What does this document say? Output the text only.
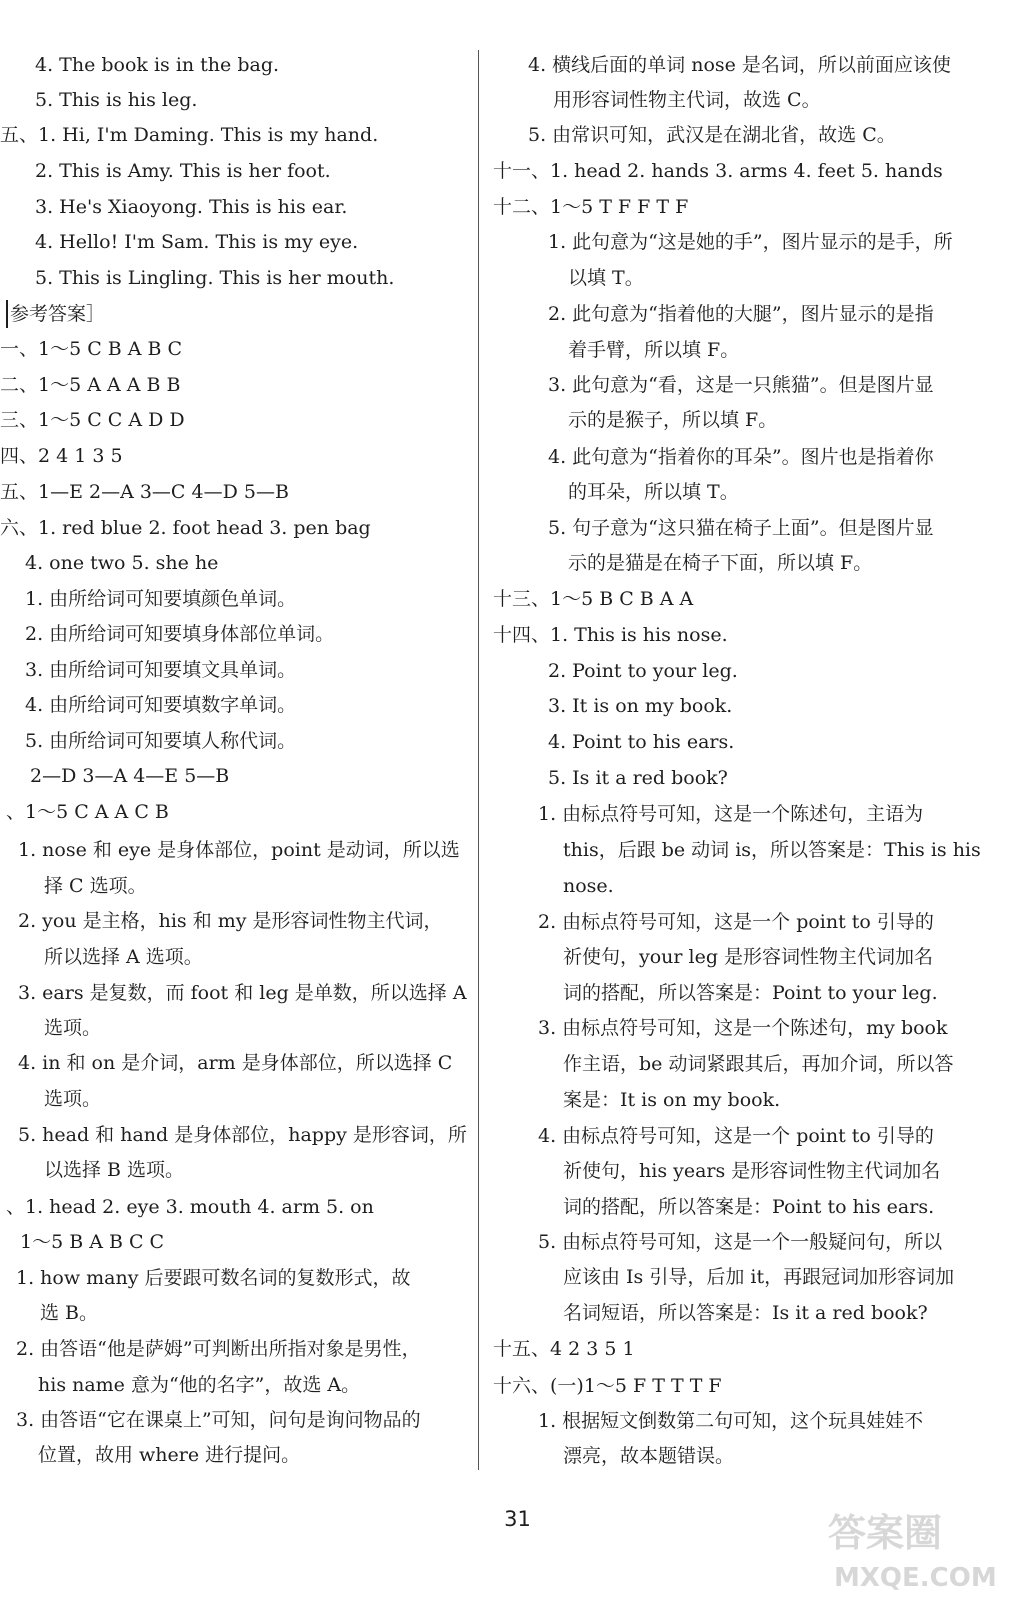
4. The book is in the bag.
5. This is his leg.
五、1. Hi, I'm Daming. This is my hand.
2. This is Amy. This is her foot.
3. He's Xiaoyong. This is his ear.
4. Hello! I'm Sam. This is my eye.
5. This is Lingling. This is her mouth.
参考答案］
一、1～5 C B A B C
二、1～5 A A A B B
三、1～5 C C A D D
四、2 4 1 3 5
五、1—E 2—A 3—C 4—D 5—B
六、1. red blue 2. foot head 3. pen bag
4. one two 5. she he
1. 由所给词可知要填颜色单词。
2. 由所给词可知要填身体部位单词。
3. 由所给词可知要填文具单词。
4. 由所给词可知要填数字单词。
5. 由所给词可知要填人称代词。
2—D 3—A 4—E 5—B
、1～5 C A A C B
1. nose 和 eye 是身体部位，point 是动词，所以选
择 C 选项。
2. you 是主格，his 和 my 是形容词性物主代词，
所以选择 A 选项。
3. ears 是复数，而 foot 和 leg 是单数，所以选择 A
选项。
4. in 和 on 是介词，arm 是身体部位，所以选择 C
选项。
5. head 和 hand 是身体部位，happy 是形容词，所
以选择 B 选项。
、1. head 2. eye 3. mouth 4. arm 5. on
1～5 B A B C C
1. how many 后要跟可数名词的复数形式，故
选 B。
2. 由答语“他是萨姆”可判断出所指对象是男性，
his name 意为“他的名字”，故选 A。
3. 由答语“它在课桌上”可知，问句是询问物品的
位置，故用 where 进行提问。
4. 横线后面的单词 nose 是名词，所以前面应该使
用形容词性物主代词，故选 C。
5. 由常识可知，武汉是在湖北省，故选 C。
十一、1. head 2. hands 3. arms 4. feet 5. hands
十二、1～5 T F F T F
1. 此句意为“这是她的手”，图片显示的是手，所
以填 T。
2. 此句意为“指着他的大腿”，图片显示的是指
着手臂，所以填 F。
3. 此句意为“看，这是一只熊猫”。但是图片显
示的是猴子，所以填 F。
4. 此句意为“指着你的耳朵”。图片也是指着你
的耳朵，所以填 T。
5. 句子意为“这只猫在椅子上面”。但是图片显
示的是猫是在椅子下面，所以填 F。
十三、1～5 B C B A A
十四、1. This is his nose.
2. Point to your leg.
3. It is on my book.
4. Point to his ears.
5. Is it a red book?
1. 由标点符号可知，这是一个陈述句，主语为
this，后跟 be 动词 is，所以答案是：This is his
nose.
2. 由标点符号可知，这是一个 point to 引导的
祈使句，your leg 是形容词性物主代词加名
词的搭配，所以答案是：Point to your leg.
3. 由标点符号可知，这是一个陈述句，my book
作主语，be 动词紧跟其后，再加介词，所以答
案是：It is on my book.
4. 由标点符号可知，这是一个 point to 引导的
祈使句，his years 是形容词性物主代词加名
词的搭配，所以答案是：Point to his ears.
5. 由标点符号可知，这是一个一般疑问句，所以
应该由 Is 引导，后加 it，再跟冠词加形容词加
名词短语，所以答案是：Is it a red book?
十五、4 2 3 5 1
十六、(一)1～5 F T T T F
1. 根据短文倒数第二句可知，这个玩具娃娃不
漂亮，故本题错误。
31	答案圈
MXQE.COM
